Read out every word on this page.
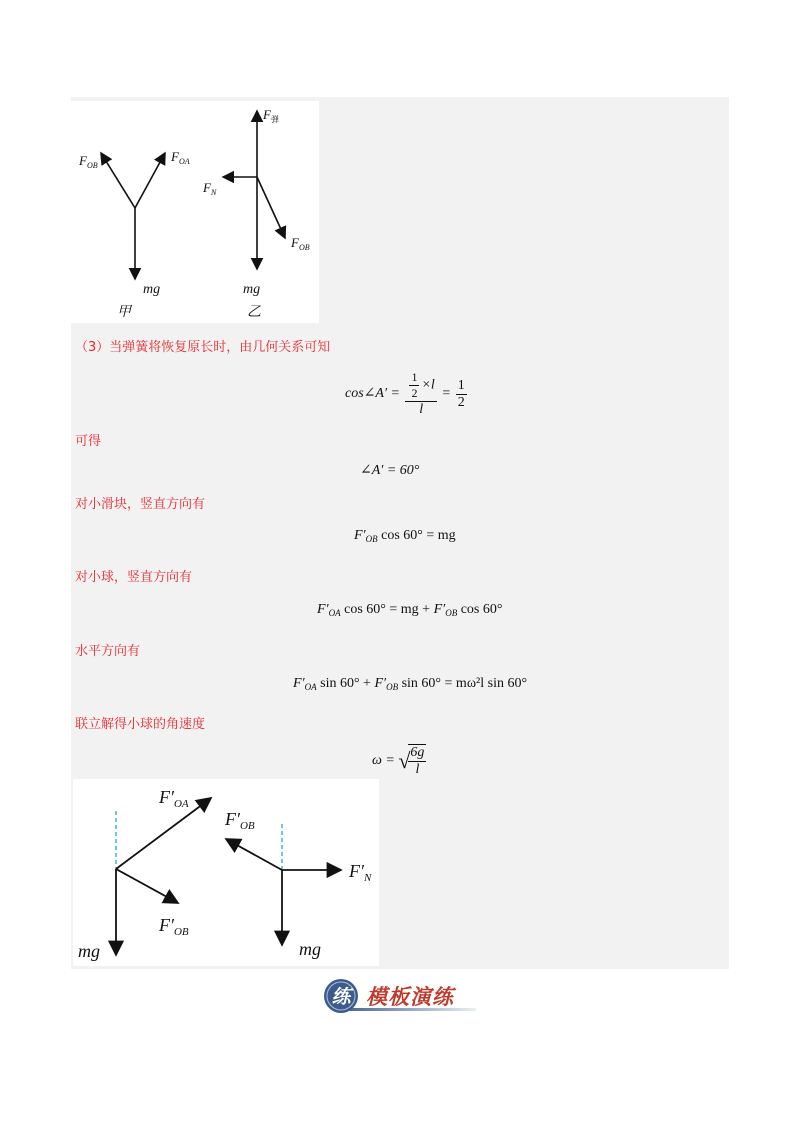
$F_{OB}$
$F_{OA}$
mg
甲
$F_弹$
$F_N$
$F_{OB}$
mg
乙
（3）当弹簧将恢复原长时，由几何关系可知
cos∠A′ = $\frac{\frac{1}{2} \times l}{l} = \frac{1}{2}$
可得
∠A′ = 60°
对小滑块，竖直方向有
$F'_{OB}$ cos 60° = mg
对小球，竖直方向有
$F'_{OA}$ cos 60° = mg + $F'_{OB}$ cos 60°
水平方向有
$F'_{OA}$ $\sin 60^\circ + F'_{OB}$ sin 60° = mω²l sin 60°
联立解得小球的角速度
ω = √
$\frac{6g}{l}$
$F'_{OA}$
$F'_{OB}$
mg
$F'_{OB}$
$F'_N$
mg
练 模板演练
